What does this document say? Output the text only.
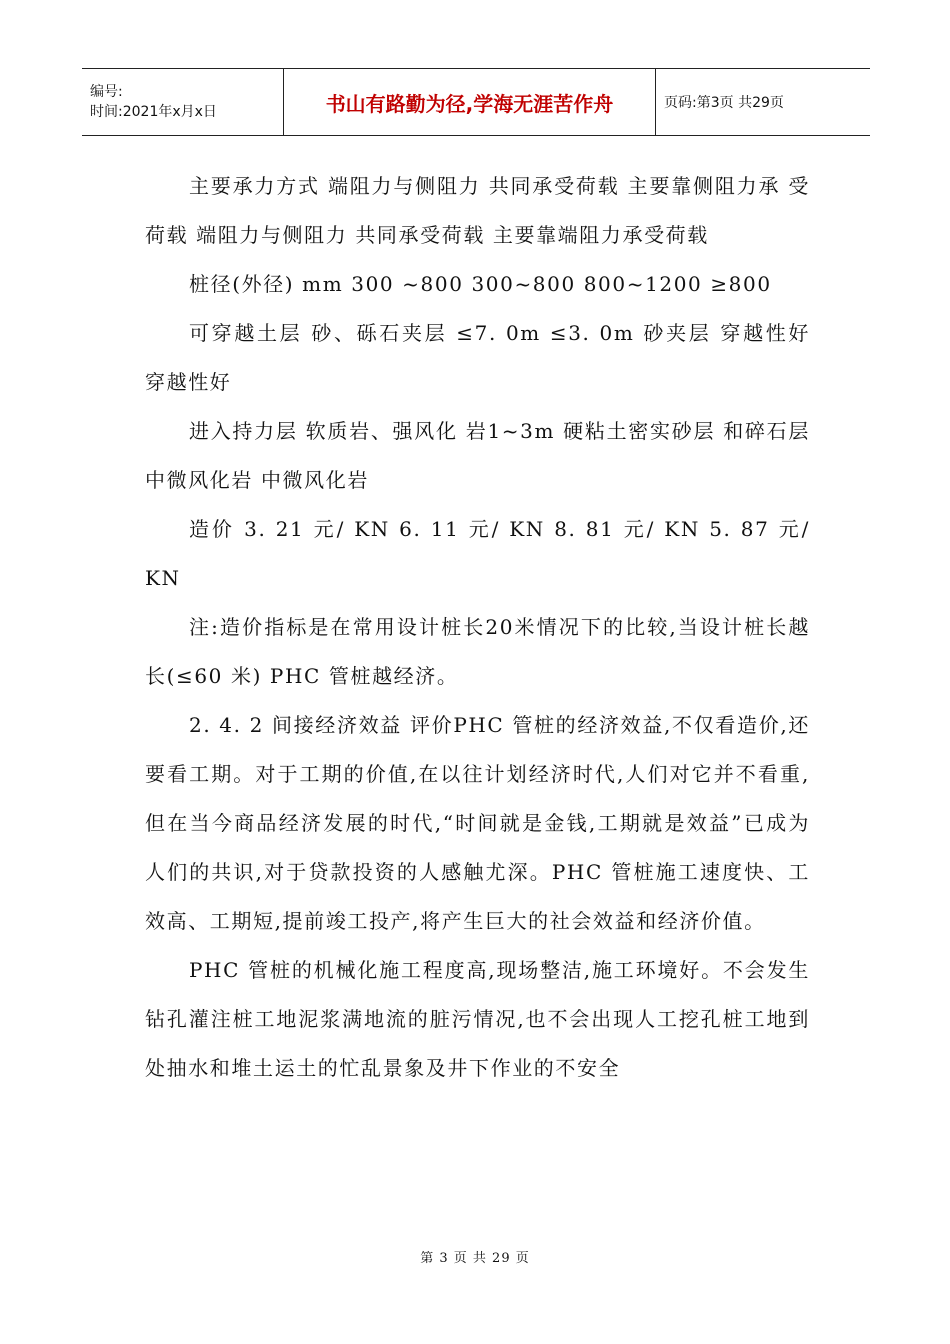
编号:
时间:2021年x月x日	书山有路勤为径,学海无涯苦作舟	页码:第3页 共29页

主要承力方式 端阻力与侧阻力 共同承受荷载 主要靠侧阻力承 受荷载 端阻力与侧阻力 共同承受荷载 主要靠端阻力承受荷载

桩径(外径) mm 300 ~800 300~800 800~1200 ≥800

可穿越土层 砂、砾石夹层 ≤7. 0m ≤3. 0m 砂夹层 穿越性好 穿越性好

进入持力层 软质岩、强风化 岩1~3m 硬粘土密实砂层 和碎石层 中微风化岩 中微风化岩

造价 3. 21 元/ KN 6. 11 元/ KN 8. 81 元/ KN 5. 87 元/ KN

注:造价指标是在常用设计桩长20米情况下的比较,当设计桩长越长(≤60 米) PHC 管桩越经济。

2. 4. 2 间接经济效益 评价PHC 管桩的经济效益,不仅看造价,还要看工期。对于工期的价值,在以往计划经济时代,人们对它并不看重,但在当今商品经济发展的时代,“时间就是金钱,工期就是效益”已成为人们的共识,对于贷款投资的人感触尤深。PHC 管桩施工速度快、工效高、工期短,提前竣工投产,将产生巨大的社会效益和经济价值。

PHC 管桩的机械化施工程度高,现场整洁,施工环境好。不会发生钻孔灌注桩工地泥浆满地流的脏污情况,也不会出现人工挖孔桩工地到处抽水和堆土运土的忙乱景象及井下作业的不安全

第 3 页 共 29 页
